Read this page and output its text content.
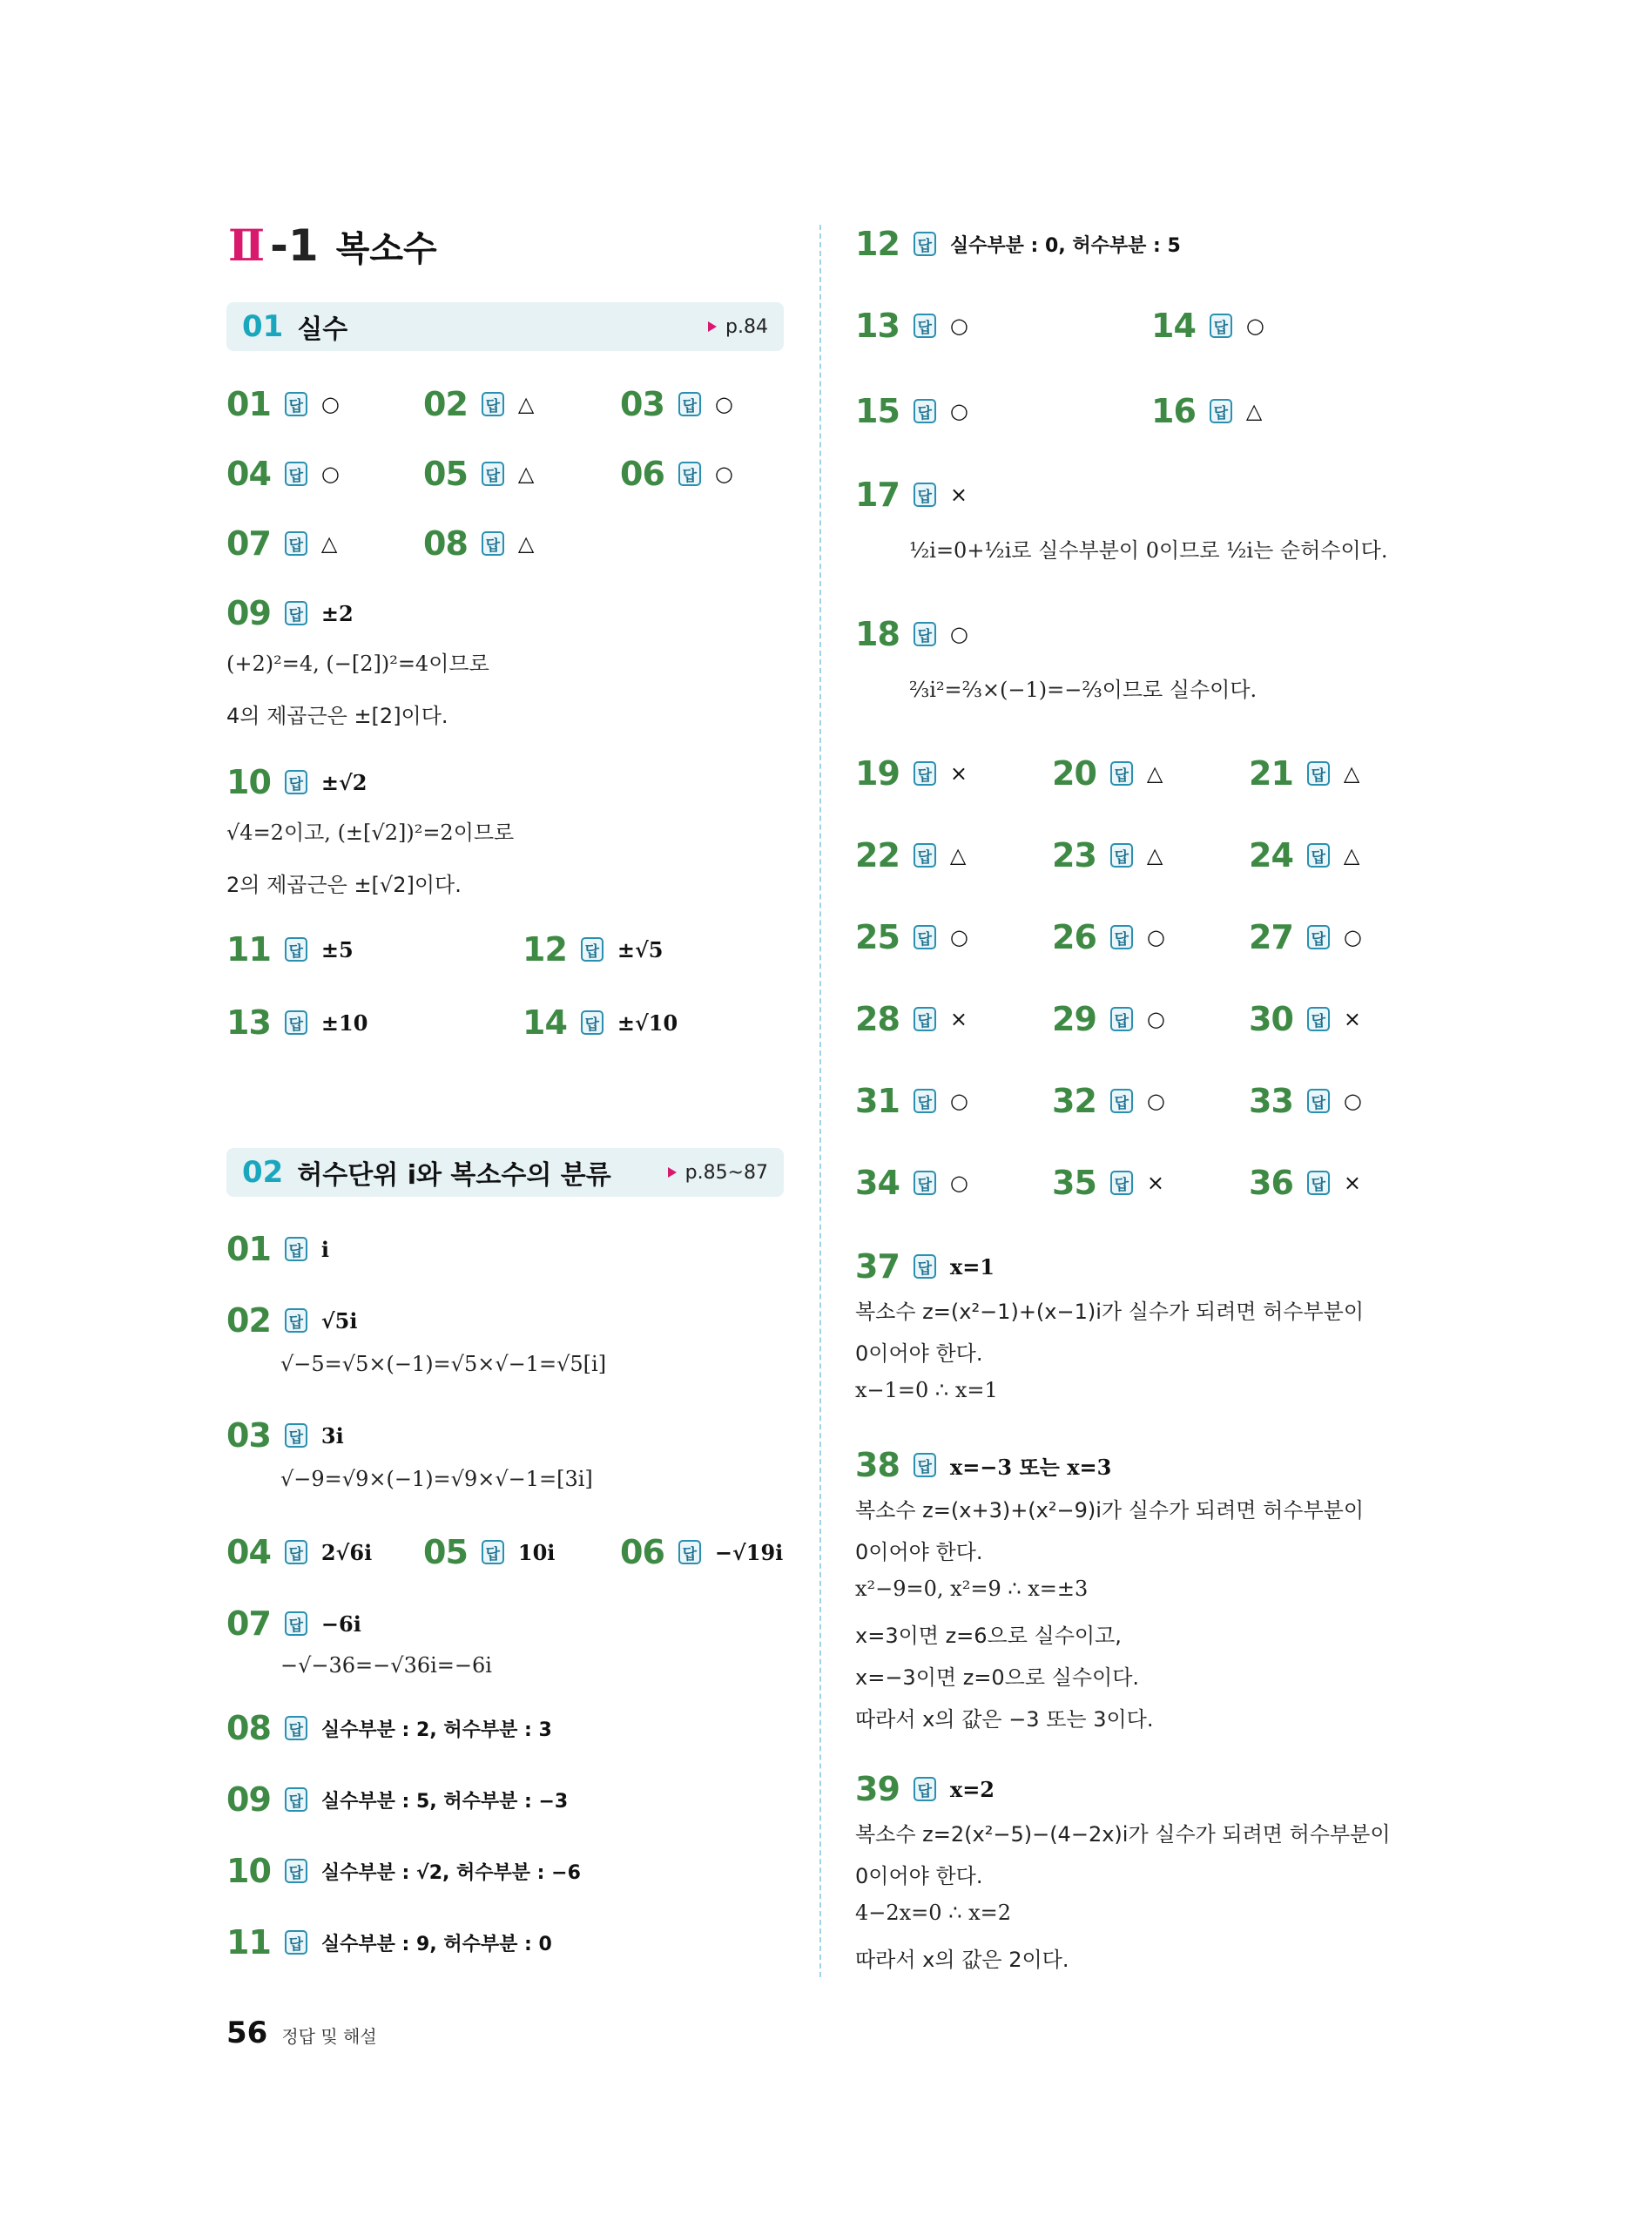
Ⅱ -1 복소수
01 실수	p.84
02 허수단위 i와 복소수의 분류	p.85~87
01 답 ○	02 답 △	03 답 ○
04 답 ○	05 답 △	06 답 ○
07 답 △	08 답 △
09 답 ±2
(+2)²=4, (−[2])²=4이므로
4의 제곱근은 ±[2]이다.
10 답 ±√2
√4=2이고, (±[√2])²=2이므로
2의 제곱근은 ±[√2]이다.
11 답 ±5	12 답 ±√5
13 답 ±10	14 답 ±√10
01 답 i
02 답 √5i
√−5=√5×(−1)=√5×√−1=√5[i]
03 답 3i
√−9=√9×(−1)=√9×√−1=[3i]
04 답 2√6i 05 답 10i 06 답 −√19i
07 답 −6i
−√−36=−√36i=−6i
08 답 실수부분 : 2, 허수부분 : 3
09 답 실수부분 : 5, 허수부분 : −3
10 답 실수부분 : √2, 허수부분 : −6
11 답 실수부분 : 9, 허수부분 : 0
12 답 실수부분 : 0, 허수부분 : 5
13 답 ○	14 답 ○
15 답 ○	16 답 △
17 답 ×
½i=0+½i로 실수부분이 0이므로 ½i는 순허수이다.
18 답 ○
⅔i²=⅔×(−1)=−⅔이므로 실수이다.
19 답 ×	20 답 △	21 답 △
22 답 △	23 답 △	24 답 △
25 답 ○	26 답 ○	27 답 ○
28 답 ×	29 답 ○	30 답 ×
31 답 ○	32 답 ○	33 답 ○
34 답 ○	35 답 ×	36 답 ×
37 답 x=1
복소수 z=(x²−1)+(x−1)i가 실수가 되려면 허수부분이
0이어야 한다.
x−1=0 ∴ x=1
38 답 x=−3 또는 x=3
복소수 z=(x+3)+(x²−9)i가 실수가 되려면 허수부분이
0이어야 한다.
x²−9=0, x²=9 ∴ x=±3
x=3이면 z=6으로 실수이고,
x=−3이면 z=0으로 실수이다.
따라서 x의 값은 −3 또는 3이다.
39 답 x=2
복소수 z=2(x²−5)−(4−2x)i가 실수가 되려면 허수부분이
0이어야 한다.
4−2x=0 ∴ x=2
따라서 x의 값은 2이다.
56 정답 및 해설
